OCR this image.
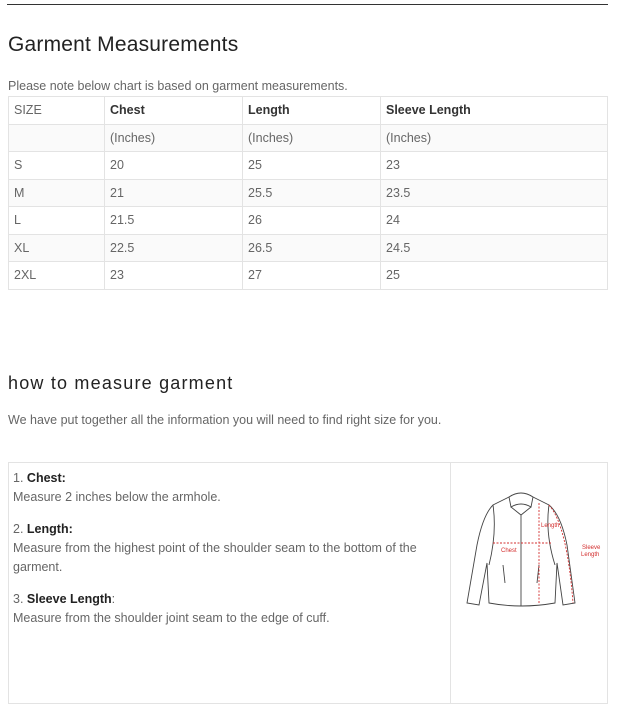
Garment Measurements
Please note below chart is based on garment measurements.
SIZE	Chest	Length	Sleeve Length
	(Inches)	(Inches)	(Inches)
S	20	25	23
M	21	25.5	23.5
L	21.5	26	24
XL	22.5	26.5	24.5
2XL	23	27	25
how to measure garment
We have put together all the information you will need to find right size for you.
1. Chest:
Measure 2 inches below the armhole.
2. Length:
Measure from the highest point of the shoulder seam to the bottom of the garment.
3. Sleeve Length:
Measure from the shoulder joint seam to the edge of cuff.
Length
Chest	Sleeve
Length
